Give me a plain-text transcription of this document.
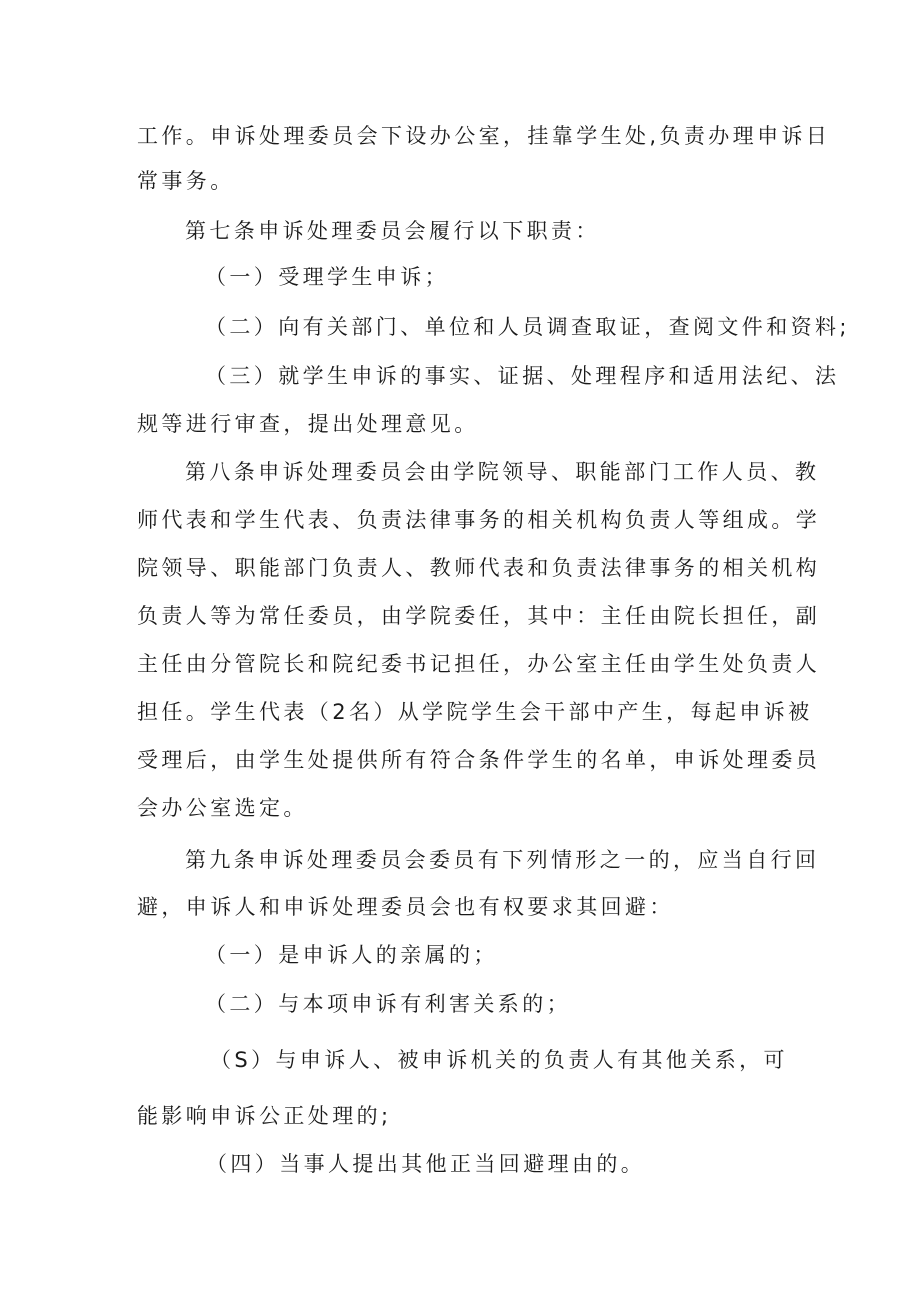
工作。申诉处理委员会下设办公室，挂靠学生处,负责办理申诉日
常事务。
第七条申诉处理委员会履行以下职责：
（一）受理学生申诉；
（二）向有关部门、单位和人员调查取证，查阅文件和资料;
（三）就学生申诉的事实、证据、处理程序和适用法纪、法
规等进行审查，提出处理意见。
第八条申诉处理委员会由学院领导、职能部门工作人员、教
师代表和学生代表、负责法律事务的相关机构负责人等组成。学
院领导、职能部门负责人、教师代表和负责法律事务的相关机构
负责人等为常任委员，由学院委任，其中：主任由院长担任，副
主任由分管院长和院纪委书记担任，办公室主任由学生处负责人
担任。学生代表（2名）从学院学生会干部中产生，每起申诉被
受理后，由学生处提供所有符合条件学生的名单，申诉处理委员
会办公室选定。
第九条申诉处理委员会委员有下列情形之一的，应当自行回
避，申诉人和申诉处理委员会也有权要求其回避：
（一）是申诉人的亲属的；
（二）与本项申诉有利害关系的；
（S）与申诉人、被申诉机关的负责人有其他关系，可
能影响申诉公正处理的;
（四）当事人提出其他正当回避理由的。
